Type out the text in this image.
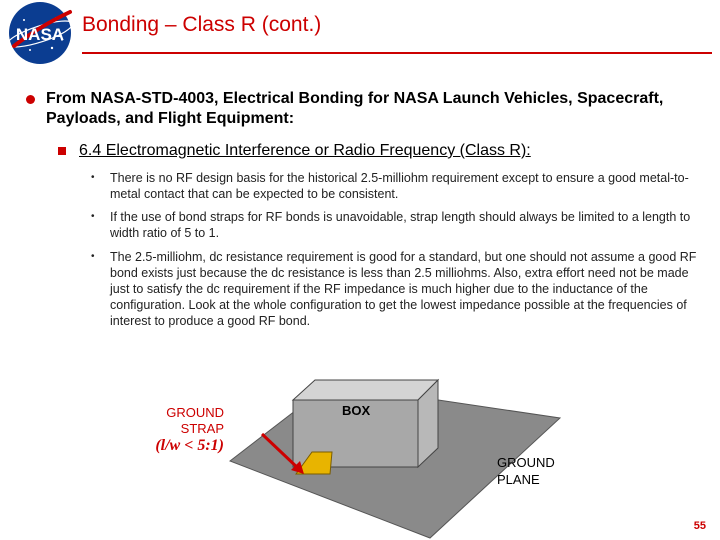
NASA Bonding – Class R (cont.)
From NASA-STD-4003, Electrical Bonding for NASA Launch Vehicles, Spacecraft, Payloads, and Flight Equipment:
6.4 Electromagnetic Interference or Radio Frequency (Class R):
• There is no RF design basis for the historical 2.5-milliohm requirement except to ensure a good metal-to-metal contact that can be expected to be consistent.
• If the use of bond straps for RF bonds is unavoidable, strap length should always be limited to a length to width ratio of 5 to 1.
• The 2.5-milliohm, dc resistance requirement is good for a standard, but one should not assume a good RF bond exists just because the dc resistance is less than 2.5 milliohms. Also, extra effort need not be made just to satisfy the dc requirement if the RF impedance is much higher due to the inductance of the configuration. Look at the whole configuration to get the lowest impedance possible at the frequencies of interest to produce a good RF bond.
GROUND
STRAP
(l/w < 5:1)
BOX
GROUND
PLANE
55
